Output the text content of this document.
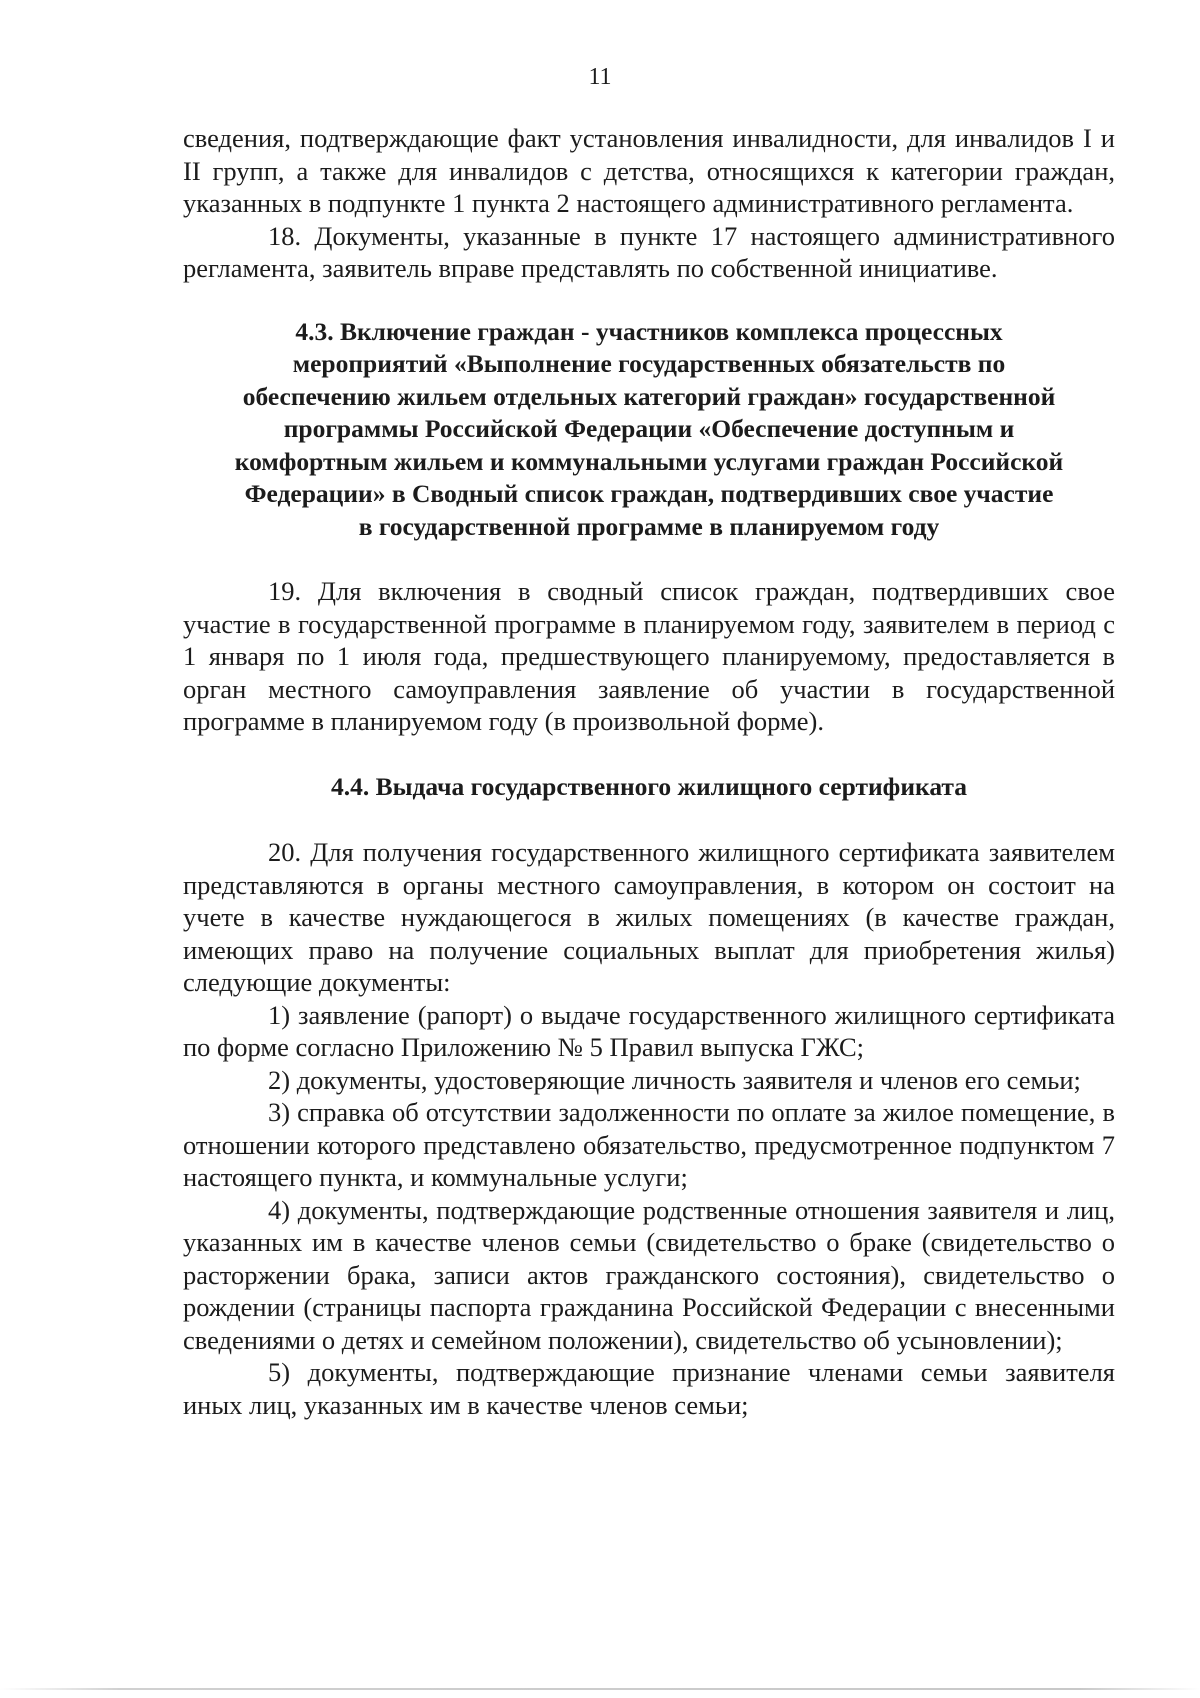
11

сведения, подтверждающие факт установления инвалидности, для инвалидов I и II групп, а также для инвалидов с детства, относящихся к категории граждан, указанных в подпункте 1 пункта 2 настоящего административного регламента.

18. Документы, указанные в пункте 17 настоящего административного регламента, заявитель вправе представлять по собственной инициативе.

4.3. Включение граждан - участников комплекса процессных
мероприятий «Выполнение государственных обязательств по
обеспечению жильем отдельных категорий граждан» государственной
программы Российской Федерации «Обеспечение доступным и
комфортным жильем и коммунальными услугами граждан Российской
Федерации» в Сводный список граждан, подтвердивших свое участие
в государственной программе в планируемом году

19. Для включения в сводный список граждан, подтвердивших свое участие в государственной программе в планируемом году, заявителем в период с 1 января по 1 июля года, предшествующего планируемому, предоставляется в орган местного самоуправления заявление об участии в государственной программе в планируемом году (в произвольной форме).

4.4. Выдача государственного жилищного сертификата

20. Для получения государственного жилищного сертификата заявителем представляются в органы местного самоуправления, в котором он состоит на учете в качестве нуждающегося в жилых помещениях (в качестве граждан, имеющих право на получение социальных выплат для приобретения жилья) следующие документы:

1) заявление (рапорт) о выдаче государственного жилищного сертификата по форме согласно Приложению № 5 Правил выпуска ГЖС;

2) документы, удостоверяющие личность заявителя и членов его семьи;

3) справка об отсутствии задолженности по оплате за жилое помещение, в отношении которого представлено обязательство, предусмотренное подпунктом 7 настоящего пункта, и коммунальные услуги;

4) документы, подтверждающие родственные отношения заявителя и лиц, указанных им в качестве членов семьи (свидетельство о браке (свидетельство о расторжении брака, записи актов гражданского состояния), свидетельство о рождении (страницы паспорта гражданина Российской Федерации с внесенными сведениями о детях и семейном положении), свидетельство об усыновлении);

5) документы, подтверждающие признание членами семьи заявителя иных лиц, указанных им в качестве членов семьи;
